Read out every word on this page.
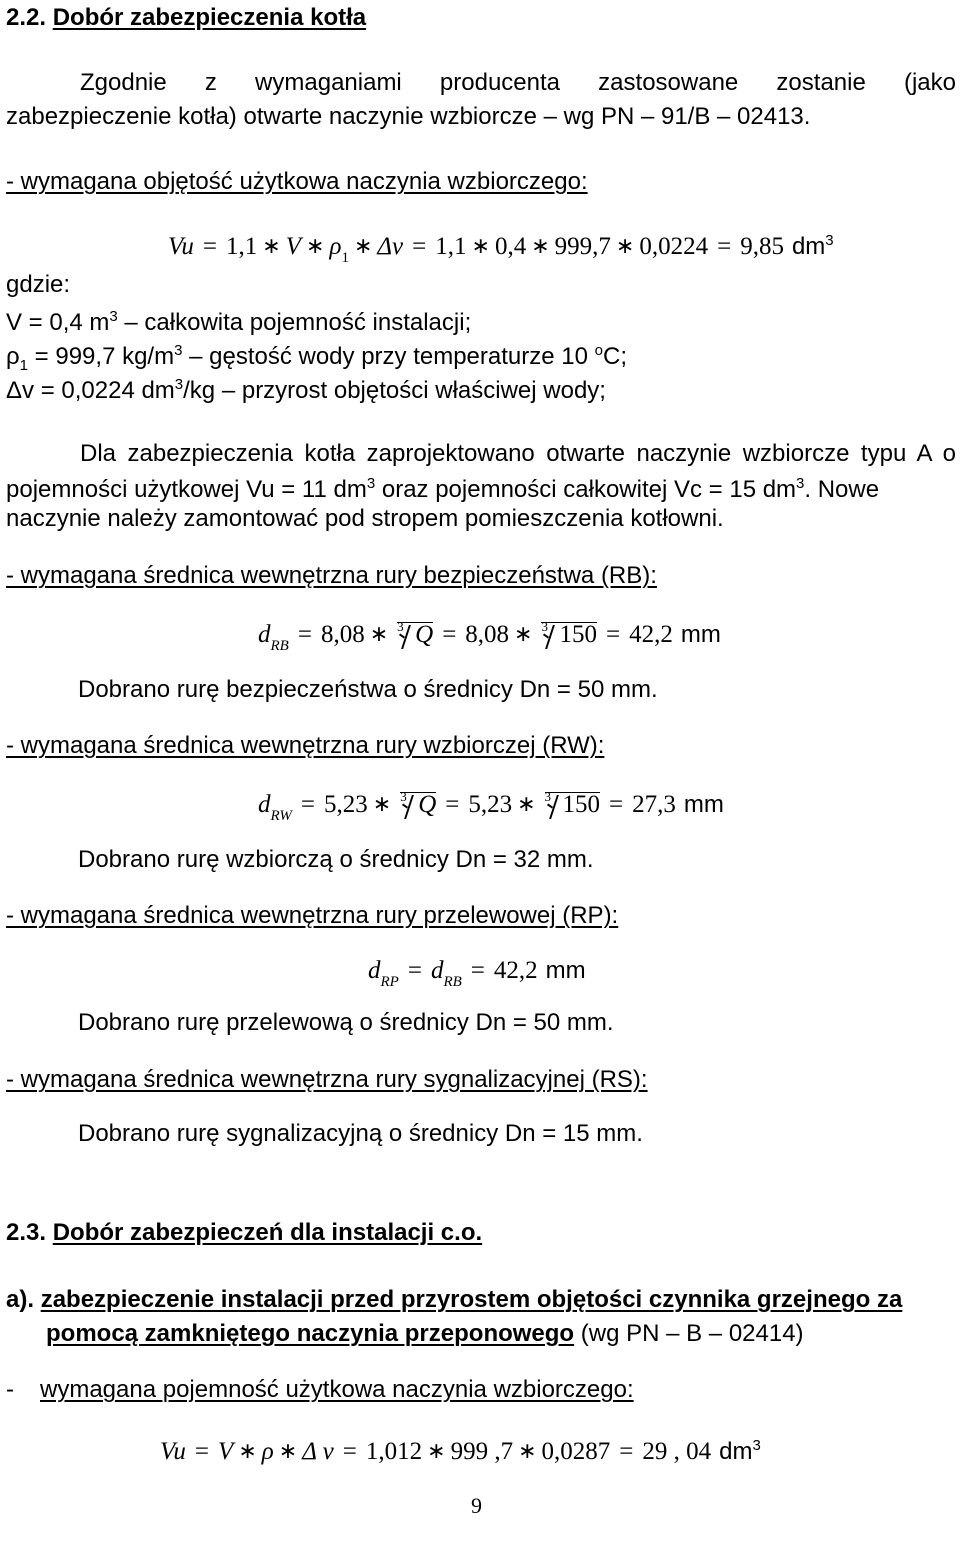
2.2. Dobór zabezpieczenia kotła
Zgodnie z wymaganiami producenta zastosowane zostanie (jako
zabezpieczenie kotła) otwarte naczynie wzbiorcze – wg PN – 91/B – 02413.
- wymagana objętość użytkowa naczynia wzbiorczego:
Vu = 1,1 ∗ V ∗ $\rho_1$ ∗ Δv = 1,1 ∗ 0,4 ∗ 999,7 ∗ 0,0224 = 9,85 $dm^3$
gdzie:
V = 0,4 $m^3$ – całkowita pojemność instalacji;
$\rho_1 = 999,7$ $kg/m^3$ – gęstość wody przy temperaturze 10 $^o$C;
Δv = 0,0224 $dm^3/kg$ – przyrost objętości właściwej wody;
Dla zabezpieczenia kotła zaprojektowano otwarte naczynie wzbiorcze typu A o
pojemności użytkowej Vu = 11 $dm^3$ oraz pojemności całkowitej Vc = 15 $dm^3$. Nowe
naczynie należy zamontować pod stropem pomieszczenia kotłowni.
- wymagana średnica wewnętrzna rury bezpieczeństwa (RB):
$d_{RB} = 8,08$ ∗ 3 Q = 8,08 ∗ 3 150 = 42,2 mm
Dobrano rurę bezpieczeństwa o średnicy Dn = 50 mm.
- wymagana średnica wewnętrzna rury wzbiorczej (RW):
$d_{RW} = 5,23$ ∗ 3 Q = 5,23 ∗ 3 150 = 27,3 mm
Dobrano rurę wzbiorczą o średnicy Dn = 32 mm.
- wymagana średnica wewnętrzna rury przelewowej (RP):
$d_{RP} = d_{RB} = 42,2$ mm
Dobrano rurę przelewową o średnicy Dn = 50 mm.
- wymagana średnica wewnętrzna rury sygnalizacyjnej (RS):
Dobrano rurę sygnalizacyjną o średnicy Dn = 15 mm.
2.3. Dobór zabezpieczeń dla instalacji c.o.
a). zabezpieczenie instalacji przed przyrostem objętości czynnika grzejnego za
pomocą zamkniętego naczynia przeponowego (wg PN – B – 02414)
- wymagana pojemność użytkowa naczynia wzbiorczego:
Vu = V ∗ ρ ∗ Δ v = 1,012 ∗ 999 ,7 ∗ 0,0287 = 29 , 04 $dm^3$
9
